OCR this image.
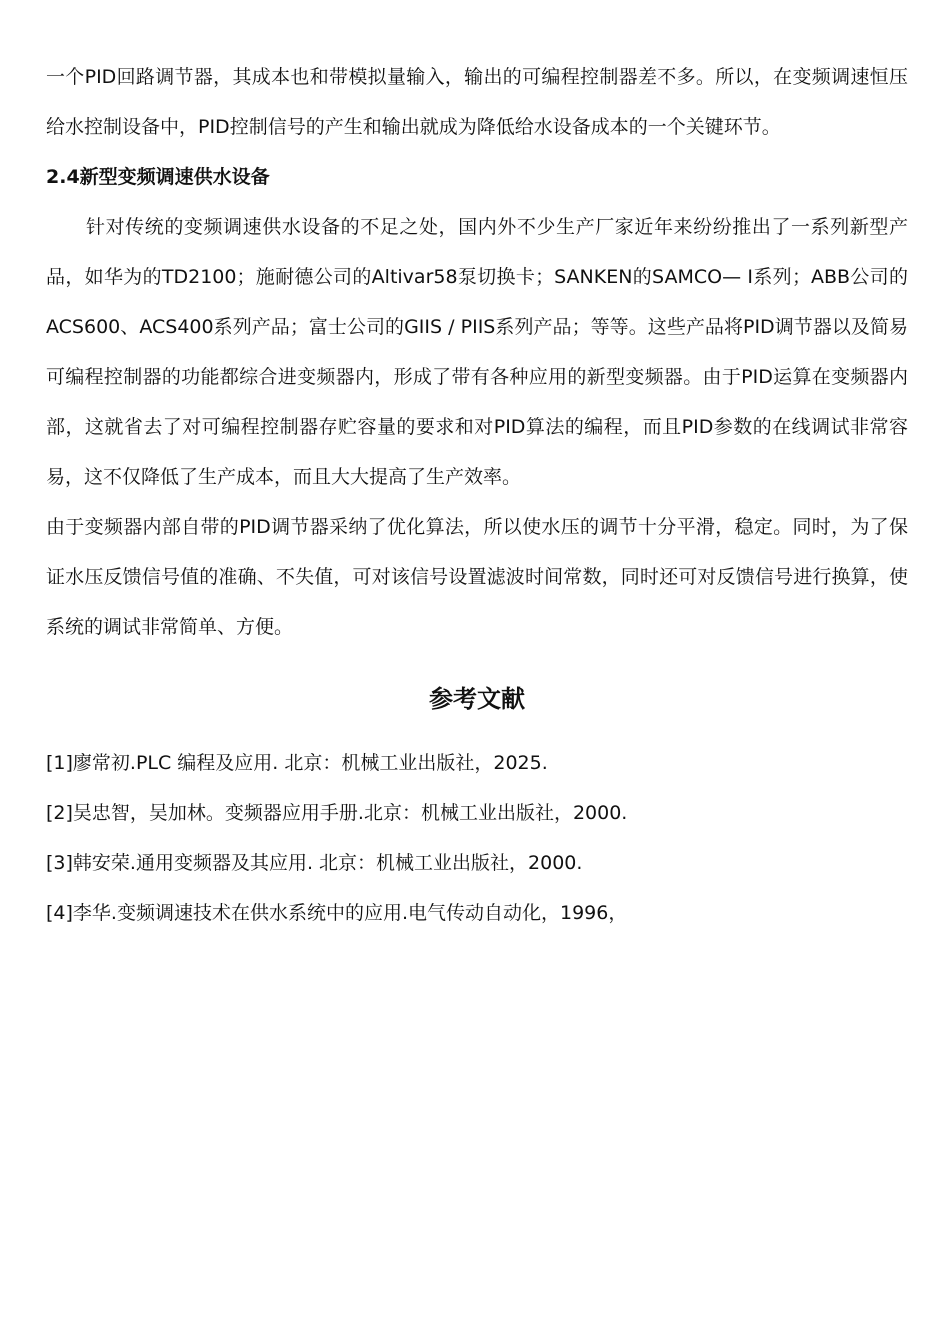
一个PID回路调节器，其成本也和带模拟量输入，输出的可编程控制器差不多。所以，在变频调速恒压给水控制设备中，PID控制信号的产生和输出就成为降低给水设备成本的一个关键环节。

2.4新型变频调速供水设备

针对传统的变频调速供水设备的不足之处，国内外不少生产厂家近年来纷纷推出了一系列新型产品，如华为的TD2100；施耐德公司的Altivar58泵切换卡；SANKEN的SAMCO— I系列；ABB公司的ACS600、ACS400系列产品；富士公司的GIIS / PIIS系列产品；等等。这些产品将PID调节器以及简易可编程控制器的功能都综合进变频器内，形成了带有各种应用的新型变频器。由于PID运算在变频器内部，这就省去了对可编程控制器存贮容量的要求和对PID算法的编程，而且PID参数的在线调试非常容易，这不仅降低了生产成本，而且大大提高了生产效率。

由于变频器内部自带的PID调节器采纳了优化算法，所以使水压的调节十分平滑，稳定。同时，为了保证水压反馈信号值的准确、不失值，可对该信号设置滤波时间常数，同时还可对反馈信号进行换算，使系统的调试非常简单、方便。

参考文献
[1]廖常初.PLC 编程及应用. 北京：机械工业出版社，2025.
[2]吴忠智，吴加林。变频器应用手册.北京：机械工业出版社，2000.
[3]韩安荣.通用变频器及其应用. 北京：机械工业出版社，2000.
[4]李华.变频调速技术在供水系统中的应用.电气传动自动化，1996，
